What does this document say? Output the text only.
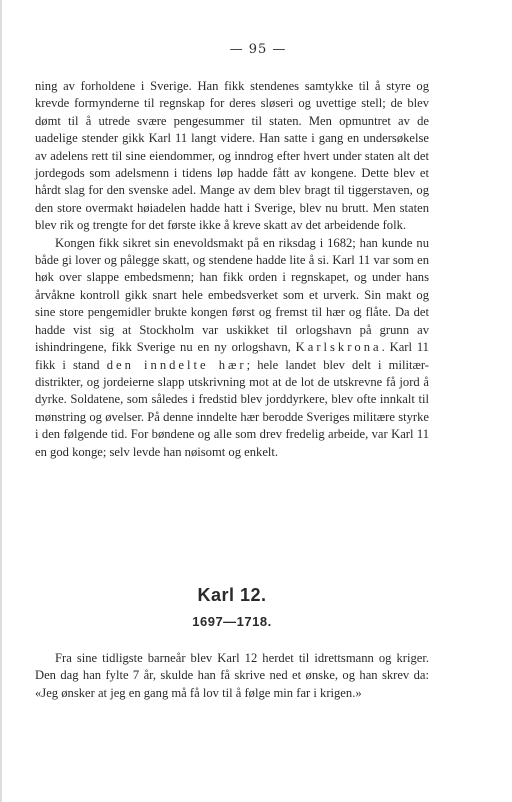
— 95 —

ning av forholdene i Sverige. Han fikk stendenes samtykke til å styre og krevde formynderne til regnskap for deres sløseri og uvettige stell; de blev dømt til å utrede svære pengesummer til staten. Men opmuntret av de uadelige stender gikk Karl 11 langt videre. Han satte i gang en undersøkelse av adelens rett til sine eiendommer, og inndrog efter hvert under staten alt det jordegods som adelsmenn i tidens løp hadde fått av kongene. Dette blev et hårdt slag for den svenske adel. Mange av dem blev bragt til tiggerstaven, og den store overmakt høiadelen hadde hatt i Sverige, blev nu brutt. Men staten blev rik og trengte for det første ikke å kreve skatt av det arbeidende folk.

Kongen fikk sikret sin enevoldsmakt på en riksdag i 1682; han kunde nu både gi lover og pålegge skatt, og stendene hadde lite å si. Karl 11 var som en høk over slappe embedsmenn; han fikk orden i regnskapet, og under hans årvåkne kontroll gikk snart hele embedsverket som et urverk. Sin makt og sine store pengemidler brukte kongen først og fremst til hær og flåte. Da det hadde vist sig at Stockholm var uskikket til orlogshavn på grunn av ishindringene, fikk Sverige nu en ny orlogshavn, Karlskrona. Karl 11 fikk i stand den inndelte hær; hele landet blev delt i militær-distrikter, og jordeierne slapp utskrivning mot at de lot de utskrevne få jord å dyrke. Soldatene, som således i fredstid blev jorddyrkere, blev ofte innkalt til mønstring og øvelser. På denne inndelte hær berodde Sveriges militære styrke i den følgende tid. For bøndene og alle som drev fredelig arbeide, var Karl 11 en god konge; selv levde han nøisomt og enkelt.

Karl 12.
1697—1718.

Fra sine tidligste barneår blev Karl 12 herdet til idrettsmann og kriger. Den dag han fylte 7 år, skulde han få skrive ned et ønske, og han skrev da: «Jeg ønsker at jeg en gang må få lov til å følge min far i krigen.»
